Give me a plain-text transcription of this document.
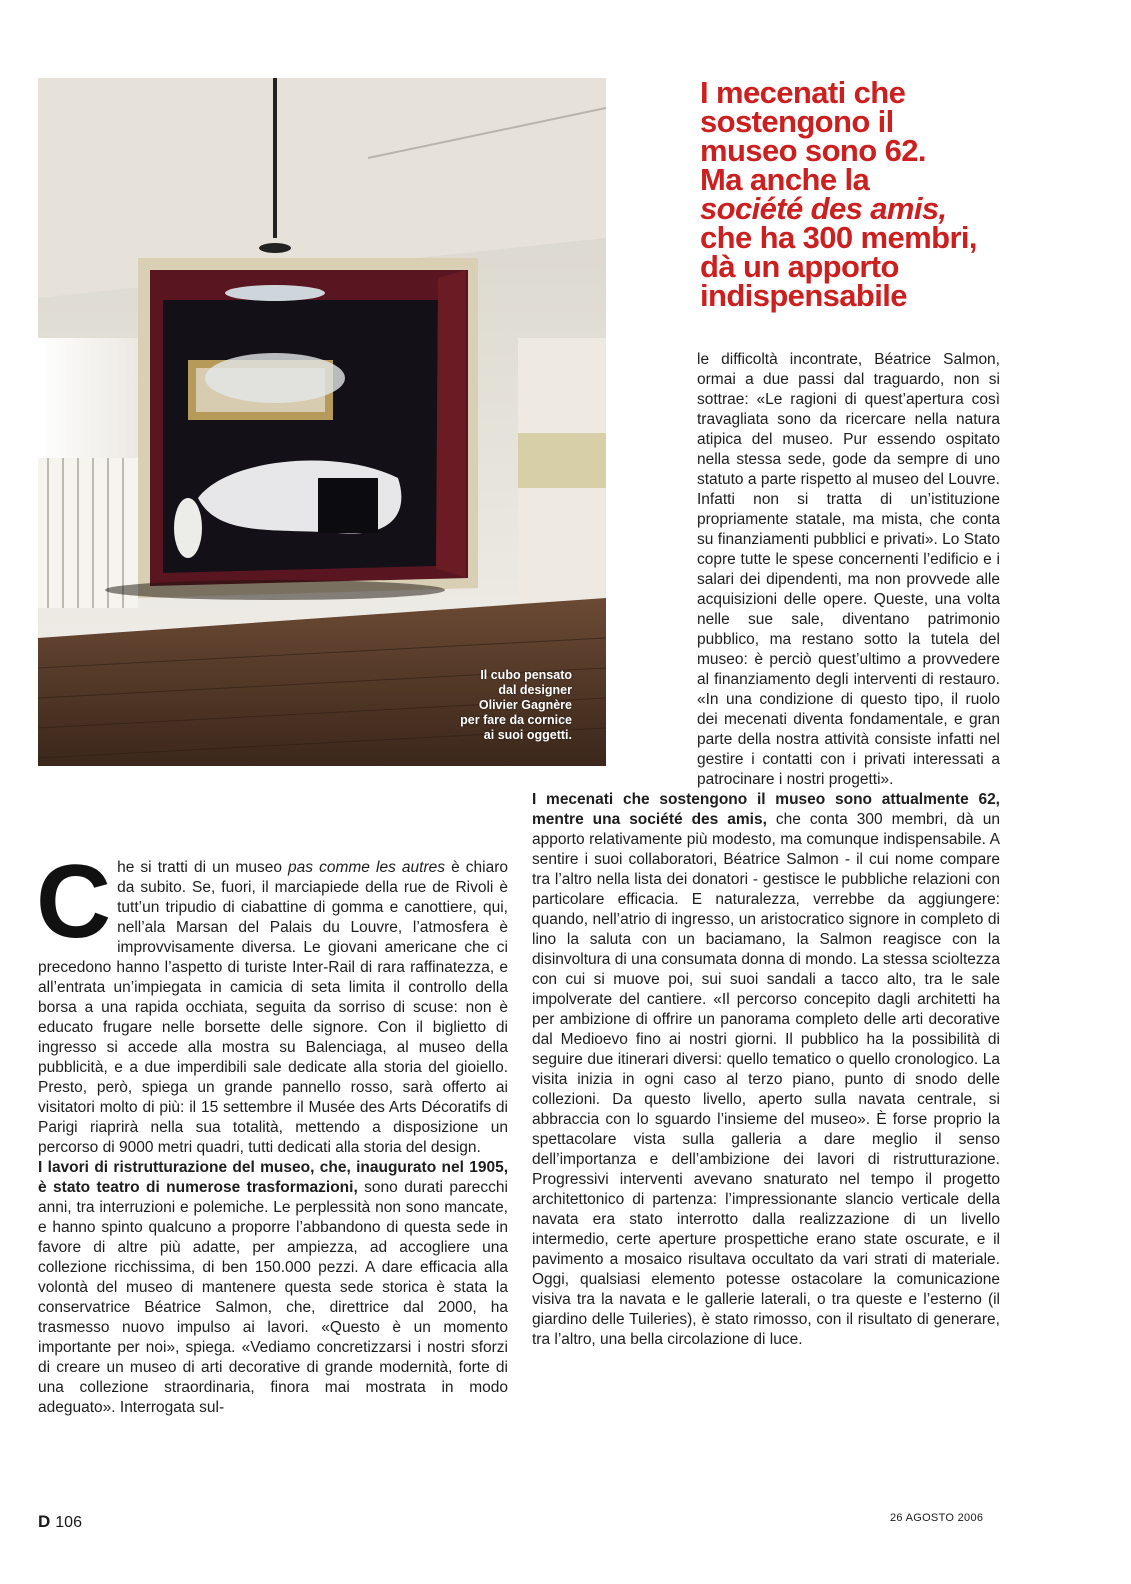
Il cubo pensato
dal designer
Olivier Gagnère
per fare da cornice
ai suoi oggetti.

I mecenati che

sostengono il

museo sono 62.

Ma anche la

société des amis,

che ha 300 membri,

dà un apporto

indispensabile

le difficoltà incontrate, Béatrice Salmon, ormai a due passi dal traguardo, non si sottrae: «Le ragioni di quest’apertura così travagliata sono da ricercare nella natura atipica del museo. Pur essendo ospitato nella stessa sede, gode da sempre di uno statuto a parte rispetto al museo del Louvre. Infatti non si tratta di un’istituzione propriamente statale, ma mista, che conta su finanziamenti pubblici e privati». Lo Stato copre tutte le spese concernenti l’edificio e i salari dei dipendenti, ma non provvede alle acquisizioni delle opere. Queste, una volta nelle sue sale, diventano patrimonio pubblico, ma restano sotto la tutela del museo: è perciò quest’ultimo a provvedere al finanziamento degli interventi di restauro. «In una condizione di questo tipo, il ruolo dei mecenati diventa fondamentale, e gran parte della nostra attività consiste infatti nel gestire i contatti con i privati interessati a patrocinare i nostri progetti».

I mecenati che sostengono il museo sono attualmente 62, mentre una société des amis, che conta 300 membri, dà un apporto relativamente più modesto, ma comunque indispensabile. A sentire i suoi collaboratori, Béatrice Salmon - il cui nome compare tra l’altro nella lista dei donatori - gestisce le pubbliche relazioni con particolare efficacia. E naturalezza, verrebbe da aggiungere: quando, nell’atrio di ingresso, un aristocratico signore in completo di lino la saluta con un baciamano, la Salmon reagisce con la disinvoltura di una consumata donna di mondo. La stessa scioltezza con cui si muove poi, sui suoi sandali a tacco alto, tra le sale impolverate del cantiere. «Il percorso concepito dagli architetti ha per ambizione di offrire un panorama completo delle arti decorative dal Medioevo fino ai nostri giorni. Il pubblico ha la possibilità di seguire due itinerari diversi: quello tematico o quello cronologico. La visita inizia in ogni caso al terzo piano, punto di snodo delle collezioni. Da questo livello, aperto sulla navata centrale, si abbraccia con lo sguardo l’insieme del museo». È forse proprio la spettacolare vista sulla galleria a dare meglio il senso dell’importanza e dell’ambizione dei lavori di ristrutturazione. Progressivi interventi avevano snaturato nel tempo il progetto architettonico di partenza: l’impressionante slancio verticale della navata era stato interrotto dalla realizzazione di un livello intermedio, certe aperture prospettiche erano state oscurate, e il pavimento a mosaico risultava occultato da vari strati di materiale. Oggi, qualsiasi elemento potesse ostacolare la comunicazione visiva tra la navata e le gallerie laterali, o tra queste e l’esterno (il giardino delle Tuileries), è stato rimosso, con il risultato di generare, tra l’altro, una bella circolazione di luce.

Che si tratti di un museo pas comme les autres è chiaro da subito. Se, fuori, il marciapiede della rue de Rivoli è tutt’un tripudio di ciabattine di gomma e canottiere, qui, nell’ala Marsan del Palais du Louvre, l’atmosfera è improvvisamente diversa. Le giovani americane che ci precedono hanno l’aspetto di turiste Inter-Rail di rara raffinatezza, e all’entrata un’impiegata in camicia di seta limita il controllo della borsa a una rapida occhiata, seguita da sorriso di scuse: non è educato frugare nelle borsette delle signore. Con il biglietto di ingresso si accede alla mostra su Balenciaga, al museo della pubblicità, e a due imperdibili sale dedicate alla storia del gioiello. Presto, però, spiega un grande pannello rosso, sarà offerto ai visitatori molto di più: il 15 settembre il Musée des Arts Décoratifs di Parigi riaprirà nella sua totalità, mettendo a disposizione un percorso di 9000 metri quadri, tutti dedicati alla storia del design.

I lavori di ristrutturazione del museo, che, inaugurato nel 1905, è stato teatro di numerose trasformazioni, sono durati parecchi anni, tra interruzioni e polemiche. Le perplessità non sono mancate, e hanno spinto qualcuno a proporre l’abbandono di questa sede in favore di altre più adatte, per ampiezza, ad accogliere una collezione ricchissima, di ben 150.000 pezzi. A dare efficacia alla volontà del museo di mantenere questa sede storica è stata la conservatrice Béatrice Salmon, che, direttrice dal 2000, ha trasmesso nuovo impulso ai lavori. «Questo è un momento importante per noi», spiega. «Vediamo concretizzarsi i nostri sforzi di creare un museo di arti decorative di grande modernità, forte di una collezione straordinaria, finora mai mostrata in modo adeguato». Interrogata sul-

D 106	26 AGOSTO 2006
